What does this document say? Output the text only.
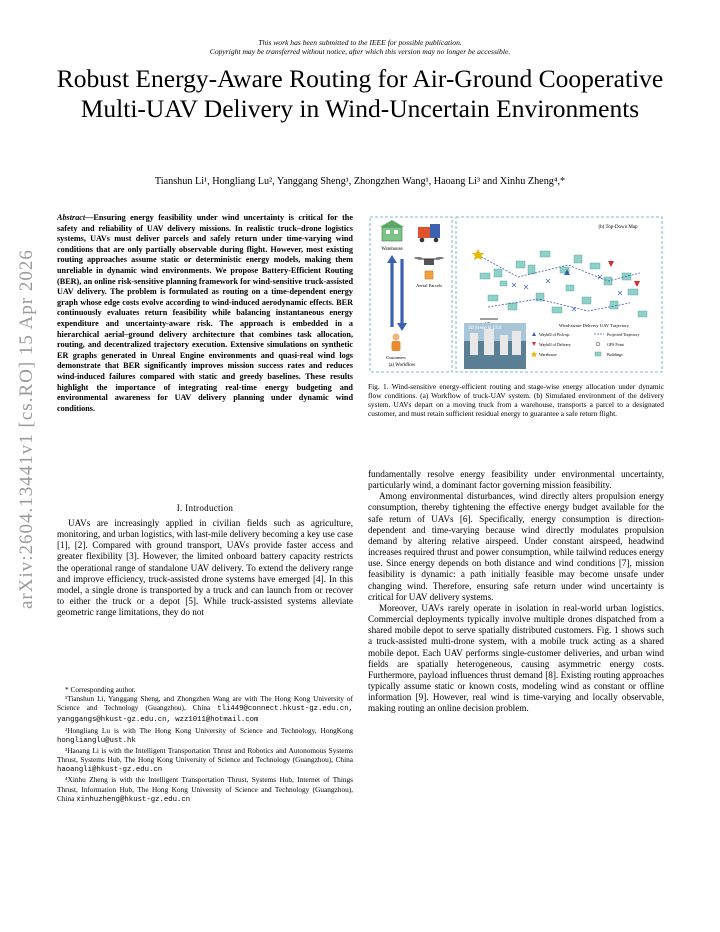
This work has been submitted to the IEEE for possible publication.
Copyright may be transferred without notice, after which this version may no longer be accessible.
Robust Energy-Aware Routing for Air-Ground Cooperative Multi-UAV Delivery in Wind-Uncertain Environments
Tianshun Li¹, Hongliang Lu², Yanggang Sheng¹, Zhongzhen Wang¹, Haoang Li³ and Xinhu Zheng⁴,*
arXiv:2604.13441v1 [cs.RO] 15 Apr 2026
Abstract—Ensuring energy feasibility under wind uncertainty is critical for the safety and reliability of UAV delivery missions. In realistic truck–drone logistics systems, UAVs must deliver parcels and safely return under time-varying wind conditions that are only partially observable during flight. However, most existing routing approaches assume static or deterministic energy models, making them unreliable in dynamic wind environments. We propose Battery-Efficient Routing (BER), an online risk-sensitive planning framework for wind-sensitive truck-assisted UAV delivery. The problem is formulated as routing on a time-dependent energy graph whose edge costs evolve according to wind-induced aerodynamic effects. BER continuously evaluates return feasibility while balancing instantaneous energy expenditure and uncertainty-aware risk. The approach is embedded in a hierarchical aerial–ground delivery architecture that combines task allocation, routing, and decentralized trajectory execution. Extensive simulations on synthetic ER graphs generated in Unreal Engine environments and quasi-real wind logs demonstrate that BER significantly improves mission success rates and reduces wind-induced failures compared with static and greedy baselines. These results highlight the importance of integrating real-time energy budgeting and environmental awareness for UAV delivery planning under dynamic wind conditions.
I. Introduction

UAVs are increasingly applied in civilian fields such as agriculture, monitoring, and urban logistics, with last-mile delivery becoming a key use case [1], [2]. Compared with ground transport, UAVs provide faster access and greater flexibility [3]. However, the limited onboard battery capacity restricts the operational range of standalone UAV delivery. To extend the delivery range and improve efficiency, truck-assisted drone systems have emerged [4]. In this model, a single drone is transported by a truck and can launch from or recover to either the truck or a depot [5]. While truck-assisted systems alleviate geometric range limitations, they do not

* Corresponding author.

¹Tianshun Li, Yanggang Sheng, and Zhongzhen Wang are with The Hong Kong University of Science and Technology (Guangzhou), China tli449@connect.hkust-gz.edu.cn, yanggangs@hkust-gz.edu.cn, wzz1011@hotmail.com

²Hongliang Lu is with The Hong Kong University of Science and Technology, HongKong honglianglu@ust.hk

³Haoang Li is with the Intelligent Transportation Thrust and Robotics and Autonomous Systems Thrust, Systems Hub, The Hong Kong University of Science and Technology (Guangzhou), China haoangli@hkust-gz.edu.cn

⁴Xinhu Zheng is with the Intelligent Transportation Thrust, Systems Hub, Internet of Things Thrust, Information Hub, The Hong Kong University of Science and Technology (Guangzhou), China xinhuzheng@hkust-gz.edu.cn

Warehouse
Aerial Parcels
Customers
(a) Workflow
(b) Top-Down Map
3D Scene in UE4
Wind-aware Delivery UAV Trajectory
Waybill of Pick-up	Projected Trajectory
Waybill of Delivery	GPS Point
Warehouse	Buildings
Fig. 1. Wind-sensitive energy-efficient routing and stage-wise energy allocation under dynamic flow conditions. (a) Workflow of truck-UAV system. (b) Simulated environment of the delivery system. UAVs depart on a moving truck from a warehouse, transports a parcel to a designated customer, and must retain sufficient residual energy to guarantee a safe return flight.

fundamentally resolve energy feasibility under environmental uncertainty, particularly wind, a dominant factor governing mission feasibility.

Among environmental disturbances, wind directly alters propulsion energy consumption, thereby tightening the effective energy budget available for the safe return of UAVs [6]. Specifically, energy consumption is direction-dependent and time-varying because wind directly modulates propulsion demand by altering relative airspeed. Under constant airspeed, headwind increases required thrust and power consumption, while tailwind reduces energy use. Since energy depends on both distance and wind conditions [7], mission feasibility is dynamic: a path initially feasible may become unsafe under changing wind. Therefore, ensuring safe return under wind uncertainty is critical for UAV delivery systems.

Moreover, UAVs rarely operate in isolation in real-world urban logistics. Commercial deployments typically involve multiple drones dispatched from a shared mobile depot to serve spatially distributed customers. Fig. 1 shows such a truck-assisted multi-drone system, with a mobile truck acting as a shared mobile depot. Each UAV performs single-customer deliveries, and urban wind fields are spatially heterogeneous, causing asymmetric energy costs. Furthermore, payload influences thrust demand [8]. Existing routing approaches typically assume static or known costs, modeling wind as constant or offline information [9]. However, real wind is time-varying and locally observable, making routing an online decision problem.
